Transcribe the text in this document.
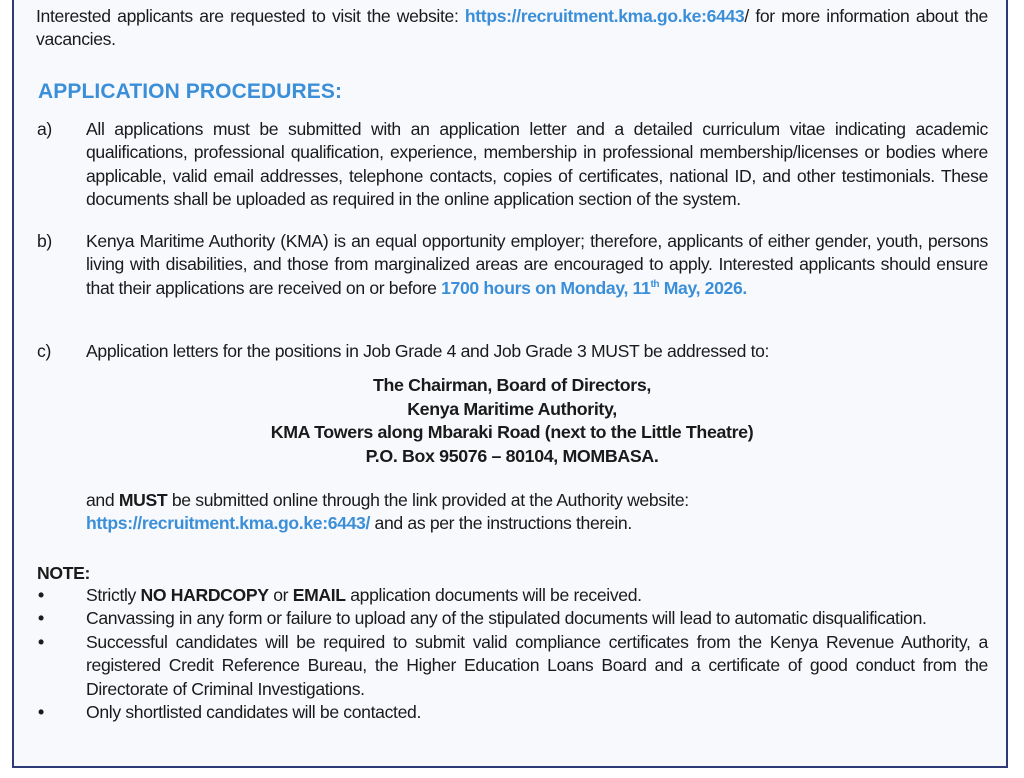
Interested applicants are requested to visit the website: https://recruitment.kma.go.ke:6443/ for more information about the vacancies.
APPLICATION PROCEDURES:
a) All applications must be submitted with an application letter and a detailed curriculum vitae indicating academic qualifications, professional qualification, experience, membership in professional membership/licenses or bodies where applicable, valid email addresses, telephone contacts, copies of certificates, national ID, and other testimonials. These documents shall be uploaded as required in the online application section of the system.
b) Kenya Maritime Authority (KMA) is an equal opportunity employer; therefore, applicants of either gender, youth, persons living with disabilities, and those from marginalized areas are encouraged to apply. Interested applicants should ensure that their applications are received on or before 1700 hours on Monday, 11th May, 2026.
c) Application letters for the positions in Job Grade 4 and Job Grade 3 MUST be addressed to:
The Chairman, Board of Directors,
Kenya Maritime Authority,
KMA Towers along Mbaraki Road (next to the Little Theatre)
P.O. Box 95076 – 80104, MOMBASA.
and MUST be submitted online through the link provided at the Authority website:
https://recruitment.kma.go.ke:6443/ and as per the instructions therein.
NOTE:
• Strictly NO HARDCOPY or EMAIL application documents will be received.
• Canvassing in any form or failure to upload any of the stipulated documents will lead to automatic disqualification.
• Successful candidates will be required to submit valid compliance certificates from the Kenya Revenue Authority, a registered Credit Reference Bureau, the Higher Education Loans Board and a certificate of good conduct from the Directorate of Criminal Investigations.
• Only shortlisted candidates will be contacted.
